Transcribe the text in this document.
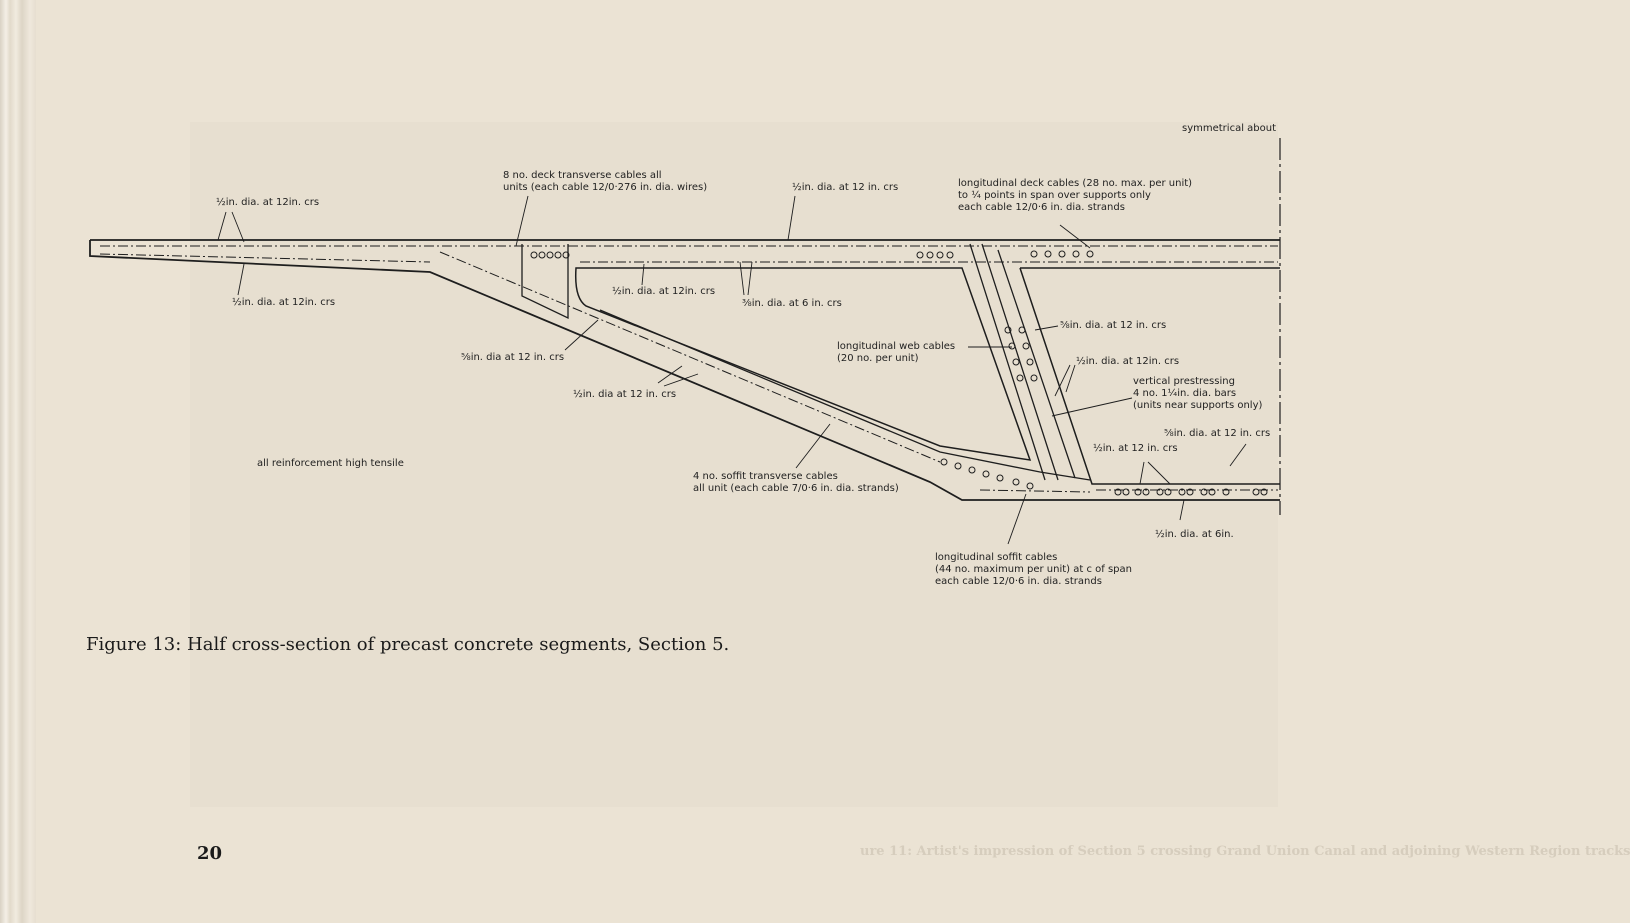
symmetrical about
8 no. deck transverse cables all
units (each cable 12/0·276 in. dia. wires)
½in. dia. at 12in. crs
½in. dia. at 12 in. crs	longitudinal deck cables (28 no. max. per unit)
to ¼ points in span over supports only
each cable 12/0·6 in. dia. strands
½in. dia. at 12in. crs
½in. dia. at 12in. crs
⅜in. dia. at 6 in. crs
⅝in. dia. at 12 in. crs
longitudinal web cables
(20 no. per unit)	½in. dia. at 12in. crs
vertical prestressing
4 no. 1¼in. dia. bars
(units near supports only)
⅝in. dia at 12 in. crs
½in. dia at 12 in. crs
⅝in. dia. at 12 in. crs
½in. at 12 in. crs
all reinforcement high tensile
4 no. soffit transverse cables
all unit (each cable 7/0·6 in. dia. strands)
½in. dia. at 6in.
longitudinal soffit cables
(44 no. maximum per unit) at c of span
each cable 12/0·6 in. dia. strands
Figure 13: Half cross-section of precast concrete segments, Section 5.
20	ure 11: Artist's impression of Section 5 crossing Grand Union Canal and adjoining Western Region tracks
